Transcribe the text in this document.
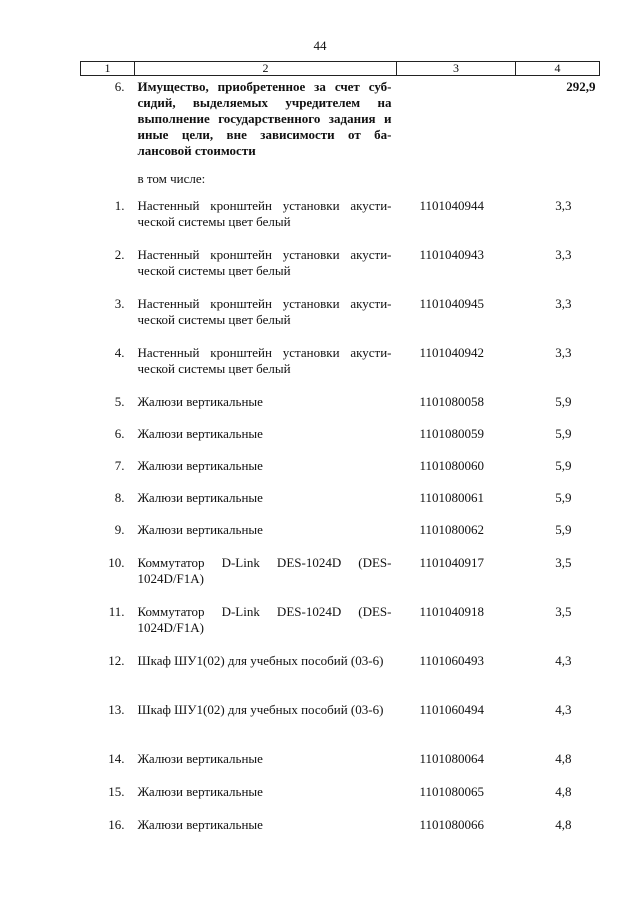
44
1	2	3	4
6.	Имущество, приобретенное за счет суб-сидий, выделяемых учредителем на выполнение государственного задания и иные цели, вне зависимости от ба-лансовой стоимости		292,9
	в том числе:		
1.	Настенный кронштейн установки акусти-ческой системы цвет белый	1101040944	3,3
2.	Настенный кронштейн установки акусти-ческой системы цвет белый	1101040943	3,3
3.	Настенный кронштейн установки акусти-ческой системы цвет белый	1101040945	3,3
4.	Настенный кронштейн установки акусти-ческой системы цвет белый	1101040942	3,3
5.	Жалюзи вертикальные	1101080058	5,9
6.	Жалюзи вертикальные	1101080059	5,9
7.	Жалюзи вертикальные	1101080060	5,9
8.	Жалюзи вертикальные	1101080061	5,9
9.	Жалюзи вертикальные	1101080062	5,9
10.	Коммутатор D-Link DES-1024D (DES-1024D/F1A)	1101040917	3,5
11.	Коммутатор D-Link DES-1024D (DES-1024D/F1A)	1101040918	3,5
12.	Шкаф ШУ1(02) для учебных пособий (03-6)	1101060493	4,3
13.	Шкаф ШУ1(02) для учебных пособий (03-6)	1101060494	4,3
14.	Жалюзи вертикальные	1101080064	4,8
15.	Жалюзи вертикальные	1101080065	4,8
16.	Жалюзи вертикальные	1101080066	4,8
